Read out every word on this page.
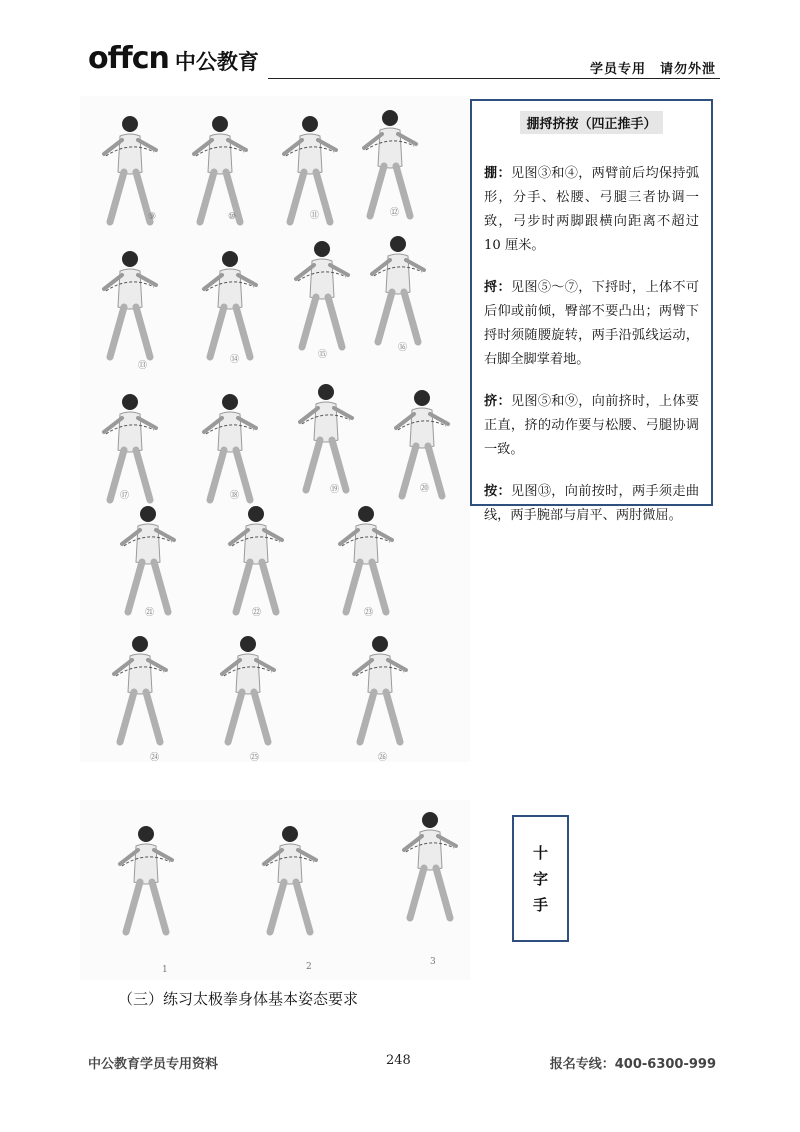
offcn 中公教育	学员专用　请勿外泄
⑨	⑩	⑪	⑫
⑬
⑭	⑮
⑯
⑰	⑱
⑲	⑳
㉑	㉒	㉓
㉔	㉕	㉖
1	2	3
掤捋挤按（四正推手）

掤：见图③和④，两臂前后均保持弧形，分手、松腰、弓腿三者协调一致，弓步时两脚跟横向距离不超过 10 厘米。

捋：见图⑤～⑦，下捋时，上体不可后仰或前倾，臀部不要凸出；两臂下捋时须随腰旋转，两手沿弧线运动，右脚全脚掌着地。

挤：见图⑤和⑨，向前挤时，上体要正直，挤的动作要与松腰、弓腿协调一致。

按：见图⑬，向前按时，两手须走曲线，两手腕部与肩平、两肘微屈。

十
字
手
（三）练习太极拳身体基本姿态要求
中公教育学员专用资料	248	报名专线：400-6300-999
